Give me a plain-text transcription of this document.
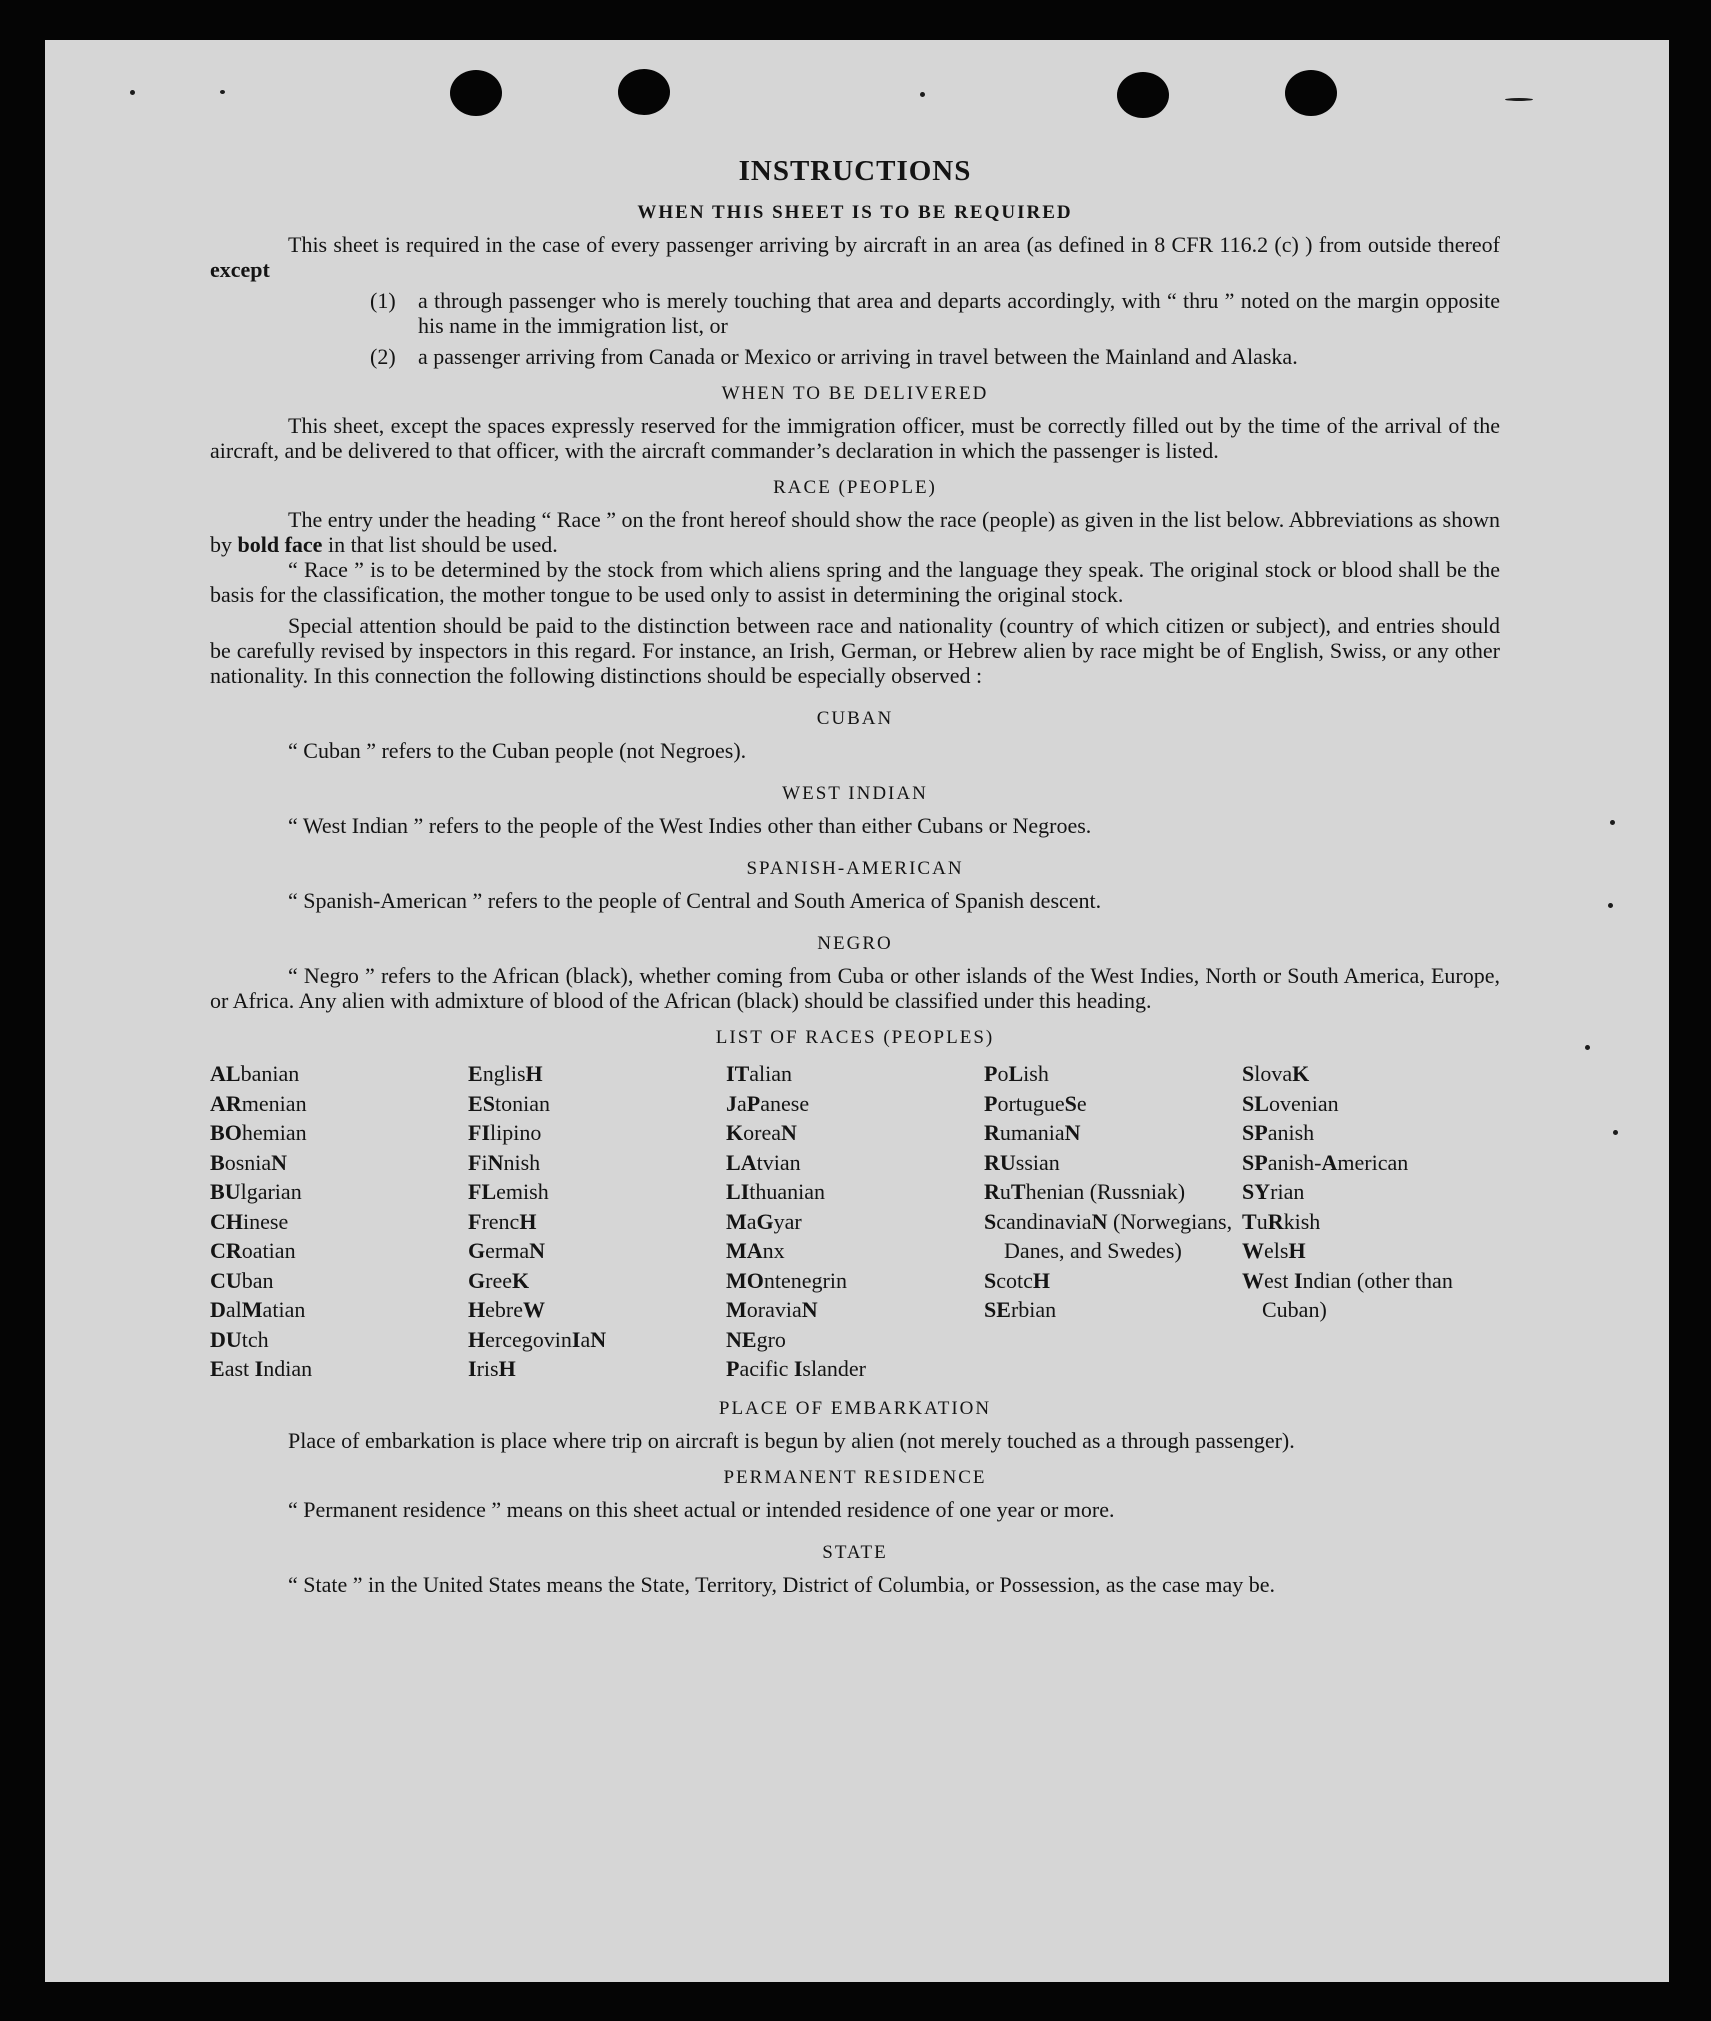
INSTRUCTIONS
WHEN THIS SHEET IS TO BE REQUIRED

This sheet is required in the case of every passenger arriving by aircraft in an area (as defined in 8 CFR 116.2 (c) ) from outside thereof except

(1)	a through passenger who is merely touching that area and departs accordingly, with “ thru ” noted on the margin opposite his name in the immigration list, or
(2)	a passenger arriving from Canada or Mexico or arriving in travel between the Mainland and Alaska.
WHEN TO BE DELIVERED

This sheet, except the spaces expressly reserved for the immigration officer, must be correctly filled out by the time of the arrival of the aircraft, and be delivered to that officer, with the aircraft commander’s declaration in which the passenger is listed.

RACE (PEOPLE)

The entry under the heading “ Race ” on the front hereof should show the race (people) as given in the list below. Abbreviations as shown by bold face in that list should be used.

“ Race ” is to be determined by the stock from which aliens spring and the language they speak. The original stock or blood shall be the basis for the classification, the mother tongue to be used only to assist in determining the original stock.

Special attention should be paid to the distinction between race and nationality (country of which citizen or subject), and entries should be carefully revised by inspectors in this regard. For instance, an Irish, German, or Hebrew alien by race might be of English, Swiss, or any other nationality. In this connection the following distinctions should be especially observed :

CUBAN

“ Cuban ” refers to the Cuban people (not Negroes).

WEST INDIAN

“ West Indian ” refers to the people of the West Indies other than either Cubans or Negroes.

SPANISH-AMERICAN

“ Spanish-American ” refers to the people of Central and South America of Spanish descent.

NEGRO

“ Negro ” refers to the African (black), whether coming from Cuba or other islands of the West Indies, North or South America, Europe, or Africa. Any alien with admixture of blood of the African (black) should be classified under this heading.

LIST OF RACES (PEOPLES)
ALbanian
ARmenian
BOhemian
BosniaN
BUlgarian
CHinese
CRoatian
CUban
DalMatian
DUtch
East Indian
EnglisH
EStonian
FIlipino
FiNnish
FLemish
FrencH
GermaN
GreeK
HebreW
HercegovinIaN
IrisH
ITalian
JaPanese
KoreaN
LAtvian
LIthuanian
MaGyar
MAnx
MOntenegrin
MoraviaN
NEgro
Pacific Islander
PoLish
PortugueSe
RumaniaN
RUssian
RuThenian (Russniak)
ScandinaviaN (Norwegians, Danes, and Swedes)
ScotcH
SErbian
SlovaK
SLovenian
SPanish
SPanish-American
SYrian
TuRkish
WelsH
West Indian (other than Cuban)
PLACE OF EMBARKATION

Place of embarkation is place where trip on aircraft is begun by alien (not merely touched as a through passenger).

PERMANENT RESIDENCE

“ Permanent residence ” means on this sheet actual or intended residence of one year or more.

STATE

“ State ” in the United States means the State, Territory, District of Columbia, or Possession, as the case may be.
